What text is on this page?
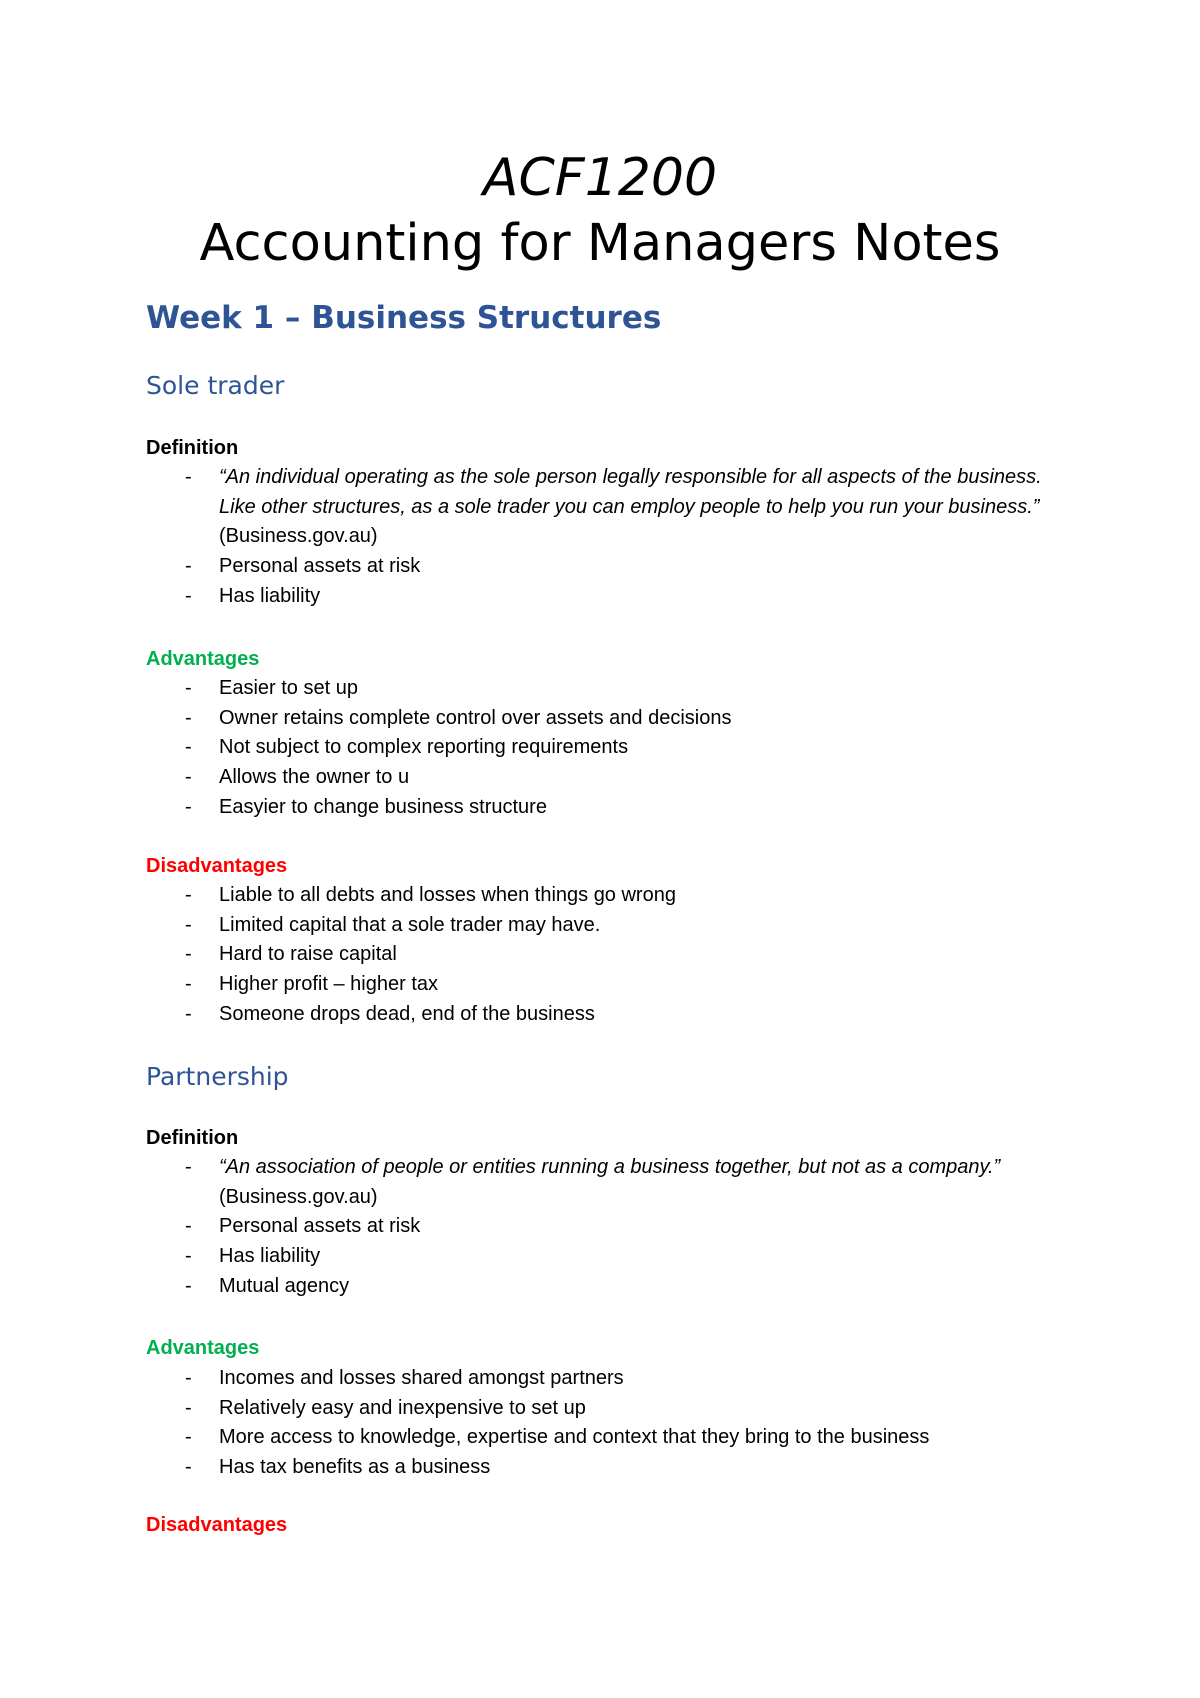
ACF1200
Accounting for Managers Notes
Week 1 – Business Structures
Sole trader
Definition
- “An individual operating as the sole person legally responsible for all aspects of the business. Like other structures, as a sole trader you can employ people to help you run your business.” (Business.gov.au)
- Personal assets at risk
- Has liability
Advantages
- Easier to set up
- Owner retains complete control over assets and decisions
- Not subject to complex reporting requirements
- Allows the owner to u
- Easyier to change business structure
Disadvantages
- Liable to all debts and losses when things go wrong
- Limited capital that a sole trader may have.
- Hard to raise capital
- Higher profit – higher tax
- Someone drops dead, end of the business
Partnership
Definition
- “An association of people or entities running a business together, but not as a company.” (Business.gov.au)
- Personal assets at risk
- Has liability
- Mutual agency
Advantages
- Incomes and losses shared amongst partners
- Relatively easy and inexpensive to set up
- More access to knowledge, expertise and context that they bring to the business
- Has tax benefits as a business
Disadvantages
